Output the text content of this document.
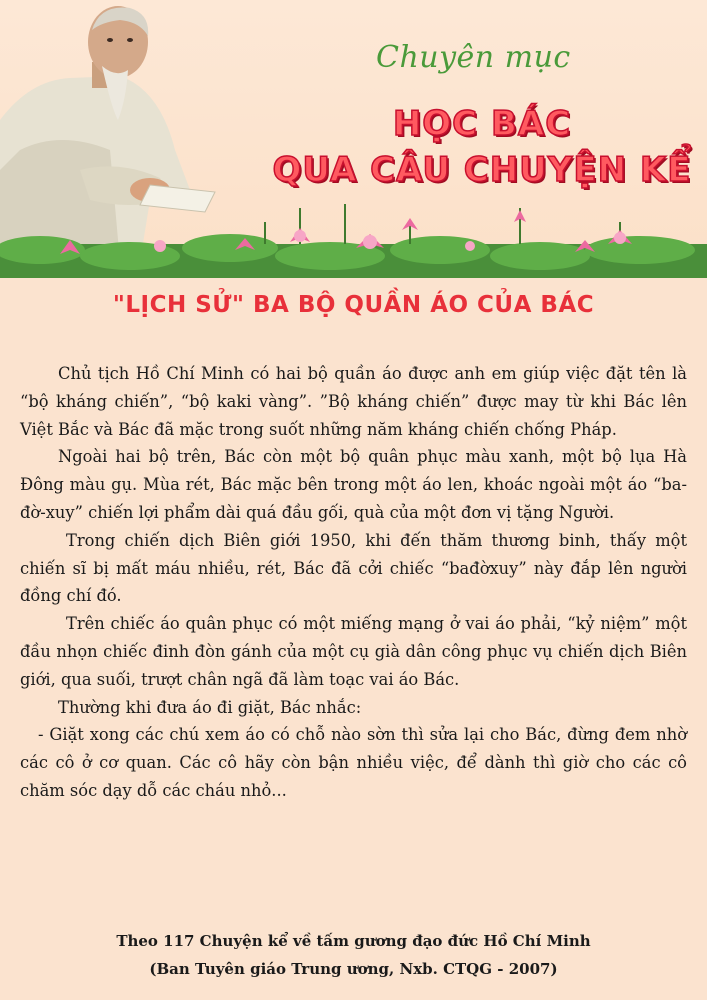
Chuyên mục
HỌC BÁC
QUA CÂU CHUYỆN KỂ
"LỊCH SỬ" BA BỘ QUẦN ÁO CỦA BÁC

Chủ tịch Hồ Chí Minh có hai bộ quần áo được anh em giúp việc đặt tên là “bộ kháng chiến”, “bộ kaki vàng”. ”Bộ kháng chiến” được may từ khi Bác lên Việt Bắc và Bác đã mặc trong suốt những năm kháng chiến chống Pháp.

Ngoài hai bộ trên, Bác còn một bộ quân phục màu xanh, một bộ lụa Hà Đông màu gụ. Mùa rét, Bác mặc bên trong một áo len, khoác ngoài một áo “ba-đờ-xuy” chiến lợi phẩm dài quá đầu gối, quà của một đơn vị tặng Người.

Trong chiến dịch Biên giới 1950, khi đến thăm thương binh, thấy một chiến sĩ bị mất máu nhiều, rét, Bác đã cởi chiếc “bađờxuy” này đắp lên người đồng chí đó.

Trên chiếc áo quân phục có một miếng mạng ở vai áo phải, “kỷ niệm” một đầu nhọn chiếc đinh đòn gánh của một cụ già dân công phục vụ chiến dịch Biên giới, qua suối, trượt chân ngã đã làm toạc vai áo Bác.

Thường khi đưa áo đi giặt, Bác nhắc:

- Giặt xong các chú xem áo có chỗ nào sờn thì sửa lại cho Bác, đừng đem nhờ các cô ở cơ quan. Các cô hãy còn bận nhiều việc, để dành thì giờ cho các cô chăm sóc dạy dỗ các cháu nhỏ...

Theo 117 Chuyện kể về tấm gương đạo đức Hồ Chí Minh
(Ban Tuyên giáo Trung ương, Nxb. CTQG - 2007)
